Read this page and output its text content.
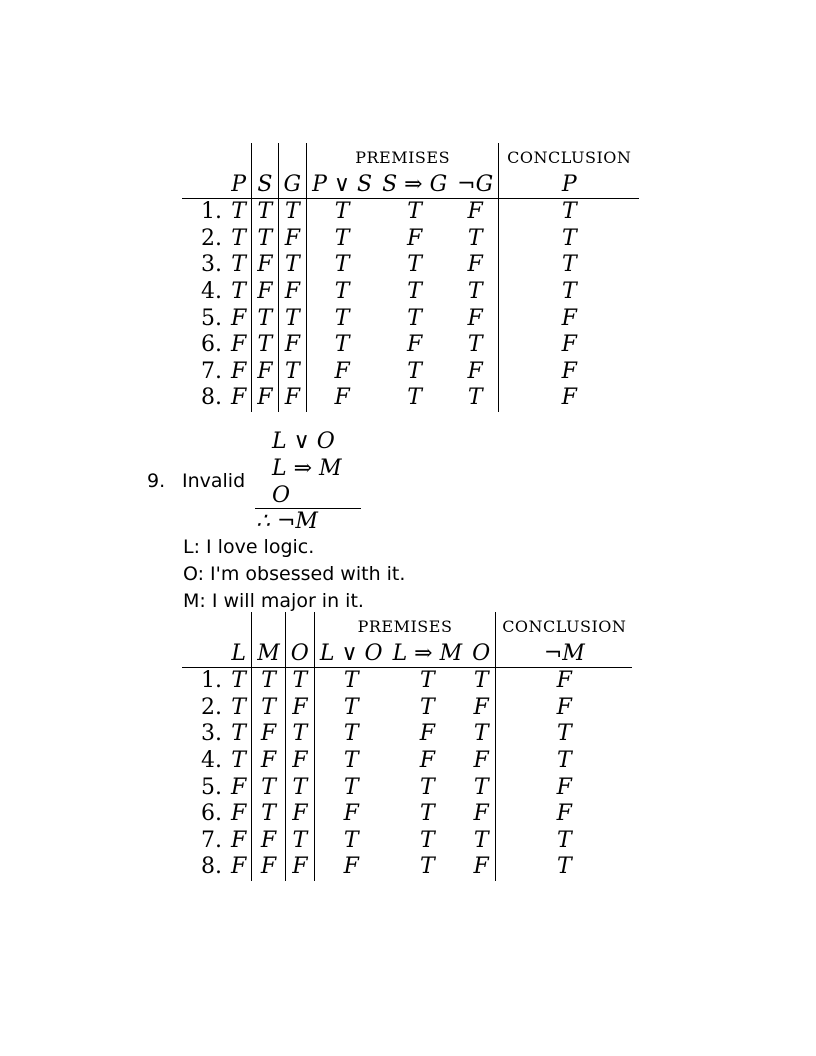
				PREMISES			CONCLUSION
	P	S	G	P ∨ S	S ⇒ G	¬G	P
1.	T	T	T	T	T	F	T
2.	T	T	F	T	F	T	T
3.	T	F	T	T	T	F	T
4.	T	F	F	T	T	T	T
5.	F	T	T	T	T	F	F
6.	F	T	F	T	F	T	F
7.	F	F	T	F	T	F	F
8.	F	F	F	F	T	T	F
9. Invalid
L ∨ O
L ⇒ M
O
∴ ¬M
L: I love logic.
O: I'm obsessed with it.
M: I will major in it.
				PREMISES			CONCLUSION
	L	M	O	L ∨ O	L ⇒ M	O	¬M
1.	T	T	T	T	T	T	F
2.	T	T	F	T	T	F	F
3.	T	F	T	T	F	T	T
4.	T	F	F	T	F	F	T
5.	F	T	T	T	T	T	F
6.	F	T	F	F	T	F	F
7.	F	F	T	T	T	T	T
8.	F	F	F	F	T	F	T
